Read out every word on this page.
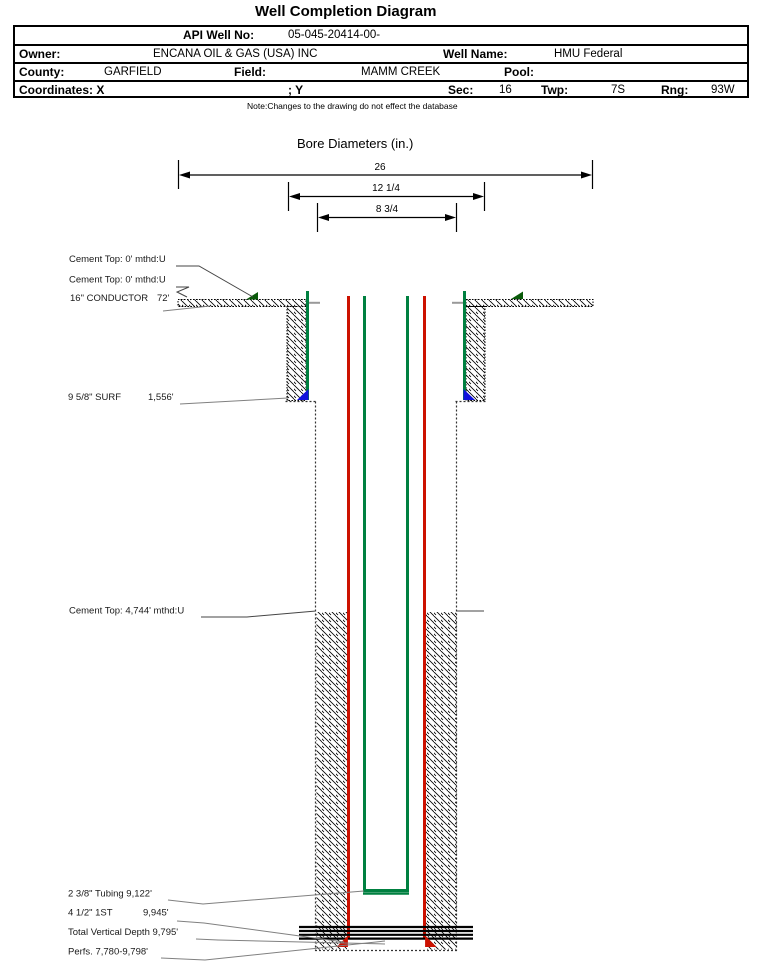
Well Completion Diagram
API Well No:	05-045-20414-00-
Owner:	ENCANA OIL & GAS (USA) INC	Well Name:	HMU Federal
County:	GARFIELD	Field:	MAMM CREEK	Pool:
Coordinates: X	; Y	Sec: 16 Twp:	7S	Rng: 93W
Note:Changes to the drawing do not effect the database
Bore Diameters (in.)
26
12 1/4
8 3/4
Cement Top: 0' mthd:U
Cement Top: 0' mthd:U
16" CONDUCTOR 72'
9 5/8" SURF	1,556'
Cement Top: 4,744' mthd:U
2 3/8" Tubing 9,122'
4 1/2" 1ST	9,945'
Total Vertical Depth 9,795'
Perfs. 7,780-9,798'
